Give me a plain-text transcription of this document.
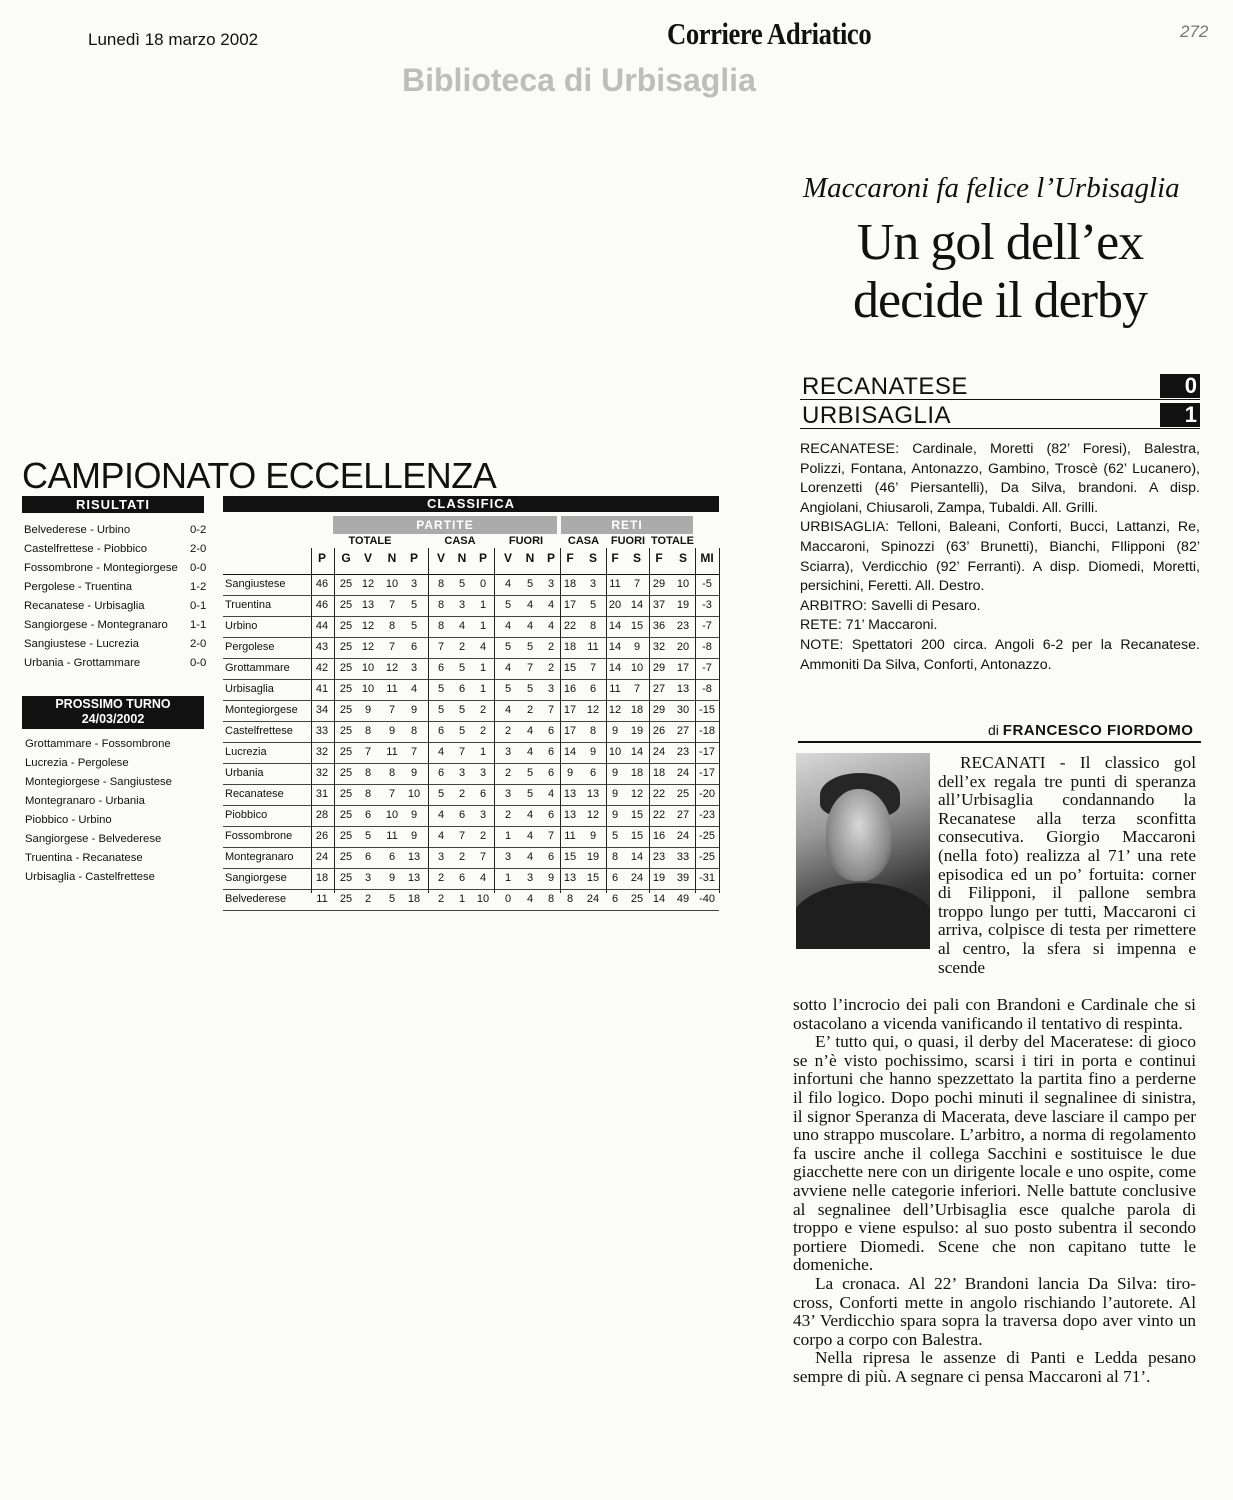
Lunedì 18 marzo 2002	Corriere Adriatico	272
Biblioteca di Urbisaglia
CAMPIONATO ECCELLENZA
RISULTATI
Belvederese - Urbino	0-2
Castelfrettese - Piobbico	2-0
Fossombrone - Montegiorgese 0-0
Pergolese - Truentina	1-2
Recanatese - Urbisaglia	0-1
Sangiorgese - Montegranaro 1-1
Sangiustese - Lucrezia	2-0
Urbania - Grottammare	0-0
PROSSIMO TURNO
24/03/2002
Grottammare - Fossombrone
Lucrezia - Pergolese
Montegiorgese - Sangiustese
Montegranaro - Urbania
Piobbico - Urbino
Sangiorgese - Belvederese
Truentina - Recanatese
Urbisaglia - Castelfrettese
CLASSIFICA
PARTITE	RETI
TOTALE	CASA	FUORI	CASA	FUORI TOTALE
P	G	V	N	P	V	N	P	V	N	P F	S	F	S	F	S	MI
Sangiustese	46	25 12	10	3	8	5	0	4	5	3 18	3	11	7	29	10	-5
Truentina	46	25 13	7	5	8	3	1	5	4	4 17	5	20 14 37	19	-3
Urbino	44	25 12	8	5	8	4	1	4	4	4 22	8	14 15 36	23	-7
Pergolese	43	25 12	7	6	7	2	4	5	5	2 18	11 14	9	32	20	-8
Grottammare	42	25 10	12	3	6	5	1	4	7	2 15	7	14 10 29	17	-7
Urbisaglia	41	25 10	11	4	5	6	1	5	5	3 16	6	11	7	27	13	-8
Montegiorgese	34	25	9	7	9	5	5	2	4	2	7 17 12 12 18 29	30 -15
Castelfrettese	33	25	8	9	8	6	5	2	2	4	6 17	8	9	19 26	27 -18
Lucrezia	32	25	7	11	7	4	7	1	3	4	6 14	9	10 14 24	23 -17
Urbania	32	25	8	8	9	6	3	3	2	5	6	9	6	9	18 18	24 -17
Recanatese	31	25	8	7	10	5	2	6	3	5	4 13 13	9	12 22	25 -20
Piobbico	28	25	6	10	9	4	6	3	2	4	6 13 12	9	15 22	27 -23
Fossombrone	26	25	5	11	9	4	7	2	1	4	7 11	9	5	15 16	24 -25
Montegranaro	24	25	6	6	13	3	2	7	3	4	6 15 19	8	14 23	33 -25
Sangiorgese	18	25	3	9	13	2	6	4	1	3	9 13 15	6	24 19	39 -31
Belvederese	11	25	2	5	18	2	1	10	0	4	8	8	24	6	25 14	49 -40
Maccaroni fa felice l’Urbisaglia
Un gol dell’ex
decide il derby
RECANATESE	0
URBISAGLIA	1

RECANATESE: Cardinale, Moretti (82’ Foresi), Balestra, Polizzi, Fontana, Antonazzo, Gambino, Troscè (62’ Lucanero), Lorenzetti (46’ Piersantelli), Da Silva, brandoni. A disp. Angiolani, Chiusaroli, Zampa, Tubaldi. All. Grilli.

URBISAGLIA: Telloni, Baleani, Conforti, Bucci, Lattanzi, Re, Maccaroni, Spinozzi (63’ Brunetti), Bianchi, FIlipponi (82’ Sciarra), Verdicchio (92’ Ferranti). A disp. Diomedi, Moretti, persichini, Feretti. All. Destro.

ARBITRO: Savelli di Pesaro.

RETE: 71’ Maccaroni.

NOTE: Spettatori 200 circa. Angoli 6-2 per la Recanatese. Ammoniti Da Silva, Conforti, Antonazzo.

di FRANCESCO FIORDOMO

RECANATI - Il classico gol dell’ex regala tre punti di speranza all’Urbisaglia condannando la Recanatese alla terza sconfitta consecutiva. Giorgio Maccaroni (nella foto) realizza al 71’ una rete episodica ed un po’ fortuita: corner di Filipponi, il pallone sembra troppo lungo per tutti, Maccaroni ci arriva, colpisce di testa per rimettere al centro, la sfera si impenna e scende

sotto l’incrocio dei pali con Brandoni e Cardinale che si ostacolano a vicenda vanificando il tentativo di respinta.

E’ tutto qui, o quasi, il derby del Maceratese: di gioco se n’è visto pochissimo, scarsi i tiri in porta e continui infortuni che hanno spezzettato la partita fino a perderne il filo logico. Dopo pochi minuti il segnalinee di sinistra, il signor Speranza di Macerata, deve lasciare il campo per uno strappo muscolare. L’arbitro, a norma di regolamento fa uscire anche il collega Sacchini e sostituisce le due giacchette nere con un dirigente locale e uno ospite, come avviene nelle categorie inferiori. Nelle battute conclusive al segnalinee dell’Urbisaglia esce qualche parola di troppo e viene espulso: al suo posto subentra il secondo portiere Diomedi. Scene che non capitano tutte le domeniche.

La cronaca. Al 22’ Brandoni lancia Da Silva: tiro-cross, Conforti mette in angolo rischiando l’autorete. Al 43’ Verdicchio spara sopra la traversa dopo aver vinto un corpo a corpo con Balestra.

Nella ripresa le assenze di Panti e Ledda pesano sempre di più. A segnare ci pensa Maccaroni al 71’.
